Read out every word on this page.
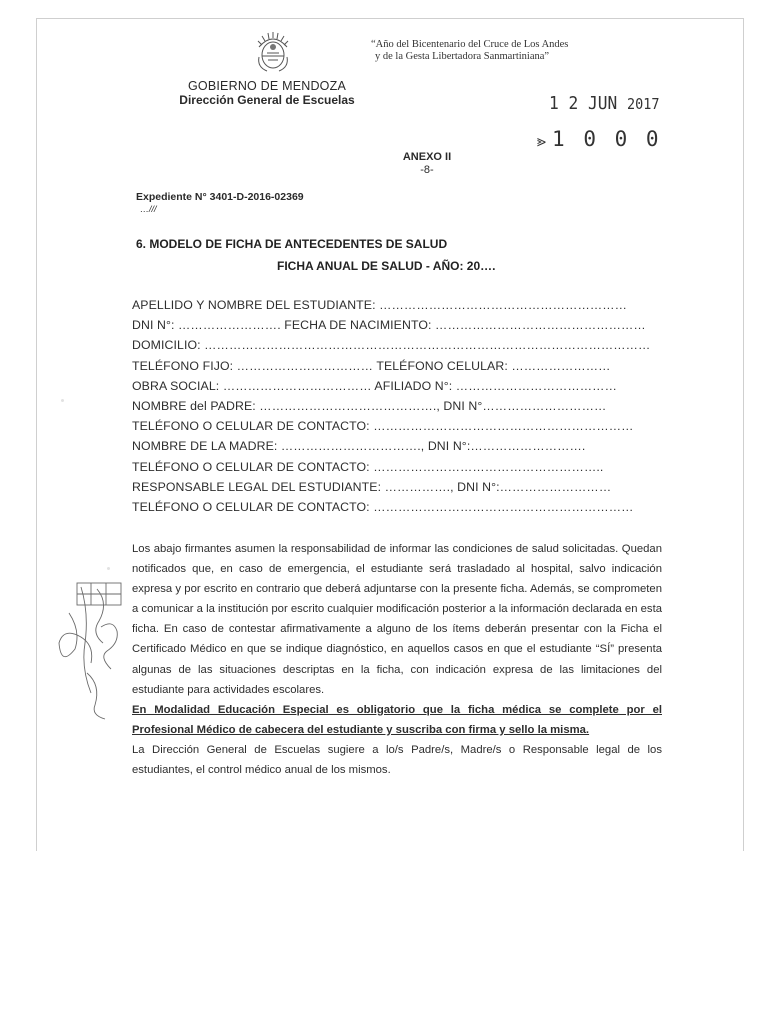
“Año del Bicentenario del Cruce de Los Andes
y de la Gesta Libertadora Sanmartiniana”
GOBIERNO DE MENDOZA
Dirección General de Escuelas	1 2 JUN 2017
⪢ 1 0 0 0
ANEXO II
-8-
Expediente N° 3401-D-2016-02369
…///
6. MODELO DE FICHA DE ANTECEDENTES DE SALUD
FICHA ANUAL DE SALUD - AÑO: 20….
APELLIDO Y NOMBRE DEL ESTUDIANTE: ……………………………………………………
DNI N°: ……………………. FECHA DE NACIMIENTO: ……………………………………………
DOMICILIO: ………………………………………………………………………………………………
TELÉFONO FIJO: …………………………… TELÉFONO CELULAR: ……………………
OBRA SOCIAL: ……………………………… AFILIADO N°: …………………………………
NOMBRE del PADRE: ……………………………………., DNI N°…………………………
TELÉFONO O CELULAR DE CONTACTO: ………………………………………………………
NOMBRE DE LA MADRE: ……………………………., DNI N°:……………………….
TELÉFONO O CELULAR DE CONTACTO: ………………………………………………..
RESPONSABLE LEGAL DEL ESTUDIANTE: ……………., DNI N°:………………………
TELÉFONO O CELULAR DE CONTACTO: ………………………………………………………

Los abajo firmantes asumen la responsabilidad de informar las condiciones de salud solicitadas. Quedan notificados que, en caso de emergencia, el estudiante será trasladado al hospital, salvo indicación expresa y por escrito en contrario que deberá adjuntarse con la presente ficha. Además, se comprometen a comunicar a la institución por escrito cualquier modificación posterior a la información declarada en esta ficha. En caso de contestar afirmativamente a alguno de los ítems deberán presentar con la Ficha el Certificado Médico en que se indique diagnóstico, en aquellos casos en que el estudiante “SÍ” presenta algunas de las situaciones descriptas en la ficha, con indicación expresa de las limitaciones del estudiante para actividades escolares.

En Modalidad Educación Especial es obligatorio que la ficha médica se complete por el Profesional Médico de cabecera del estudiante y suscriba con firma y sello la misma.

La Dirección General de Escuelas sugiere a lo/s Padre/s, Madre/s o Responsable legal de los estudiantes, el control médico anual de los mismos.
